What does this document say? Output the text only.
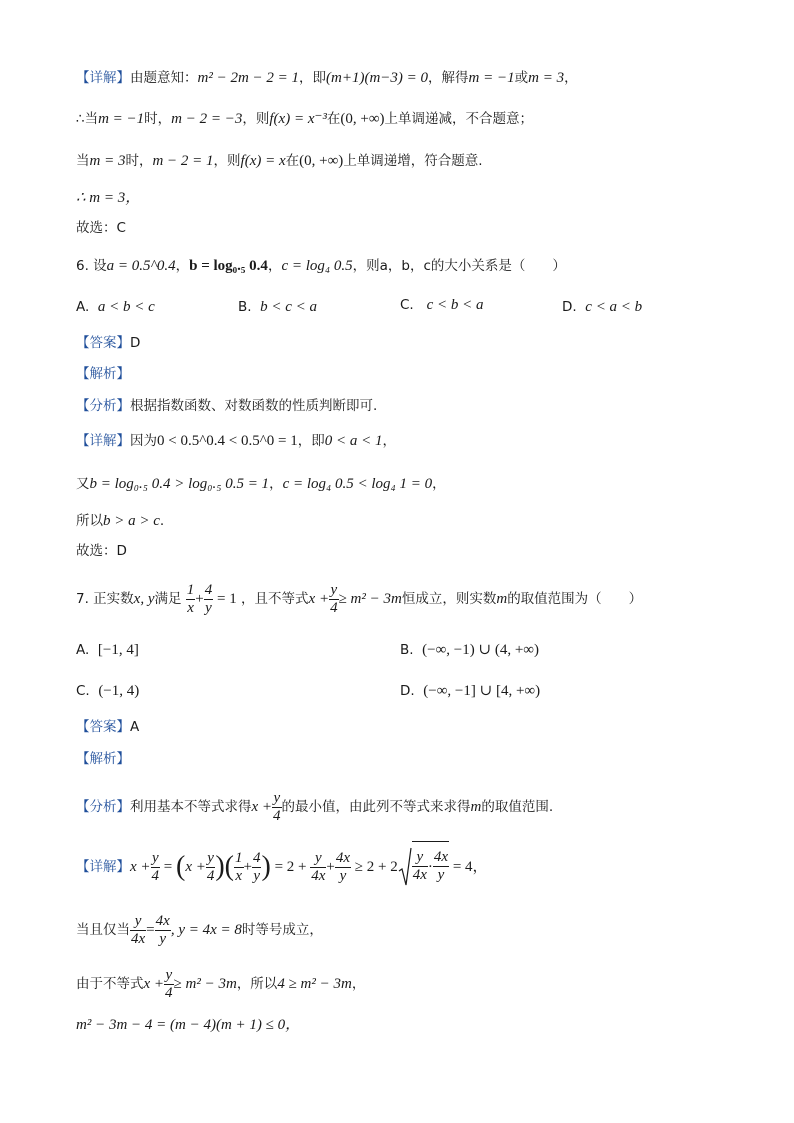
【详解】由题意知：m² − 2m − 2 = 1，即(m+1)(m−3) = 0，解得m = −1或m = 3，
∴当m = −1时，m − 2 = −3，则f(x) = x⁻³在(0, +∞)上单调递减，不合题意；
当m = 3时，m − 2 = 1，则f(x) = x在(0, +∞)上单调递增，符合题意.
∴ m = 3，
故选：C
6. 设a = 0.5^0.4，b = log₀.₅ 0.4，c = log₄ 0.5，则a，b，c的大小关系是（　　）
A. a < b < c	B. b < c < a	C. c < b < a	D. c < a < b
【答案】D
【解析】
【分析】根据指数函数、对数函数的性质判断即可.
【详解】因为0 < 0.5^0.4 < 0.5^0 = 1，即0 < a < 1，
又b = log₀.₅ 0.4 > log₀.₅ 0.5 = 1，c = log₄ 0.5 < log₄ 1 = 0，
所以b > a > c.
故选：D
7. 正实数x, y满足 $\frac{1}{x} + \frac{4}{y} = 1$ ，且不等式$x + \frac{y}{4} \ge m^2 - 3m$恒成立，则实数m的取值范围为（　　）
A. [−1, 4]	B. (−∞, −1) ∪ (4, +∞)
C. (−1, 4)	D. (−∞, −1] ∪ [4, +∞)
【答案】A
【解析】
【分析】利用基本不等式求得$x + \frac{y}{4}$ 的最小值，由此列不等式来求得m的取值范围.
【详解】$x + \frac{y}{4} = (x + \frac{y}{4}$ )( $\frac{1}{x} + \frac{4}{y}$ ) = $2 + \frac{y}{4x} + \frac{4x}{y} \ge 2 + 2 \frac{y}{4x} \cdot \frac{4x}{y} = 4$，
当且仅当 $\frac{y}{4x} = \frac{4x}{y}$ , y = 4x = 8时等号成立，
由于不等式$x + \frac{y}{4} \ge m^2 - 3m$，所以4 ≥ m² − 3m，
m² − 3m − 4 = (m − 4)(m + 1) ≤ 0，
